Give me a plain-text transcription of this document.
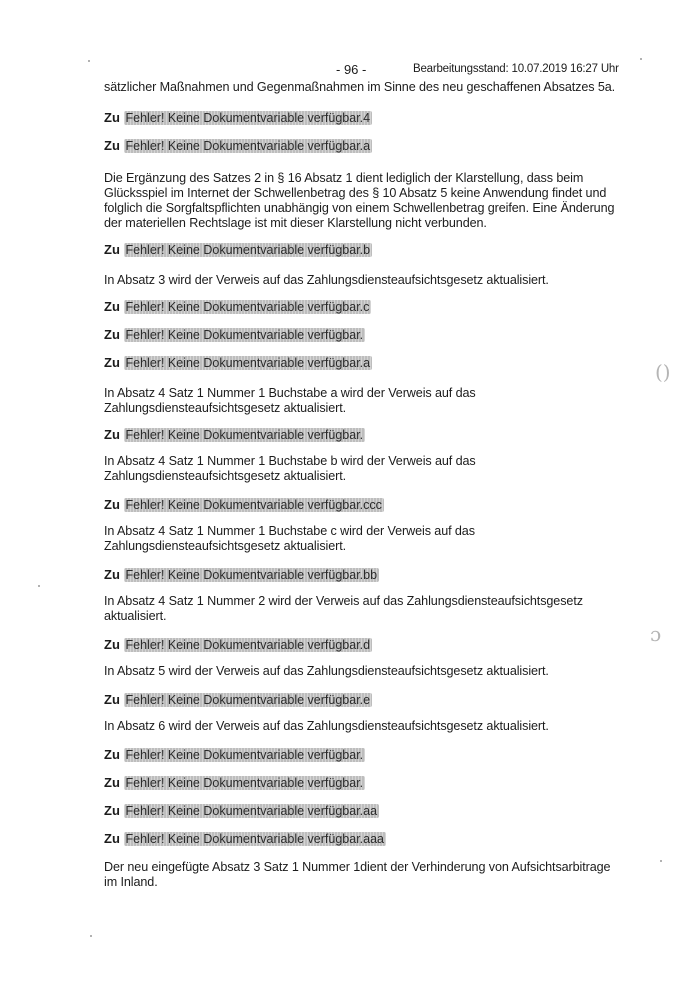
- 96 -	Bearbeitungsstand: 10.07.2019 16:27 Uhr

sätzlicher Maßnahmen und Gegenmaßnahmen im Sinne des neu geschaffenen Absatzes 5a.

Zu Fehler! Keine Dokumentvariable verfügbar.4

Zu Fehler! Keine Dokumentvariable verfügbar.a

Die Ergänzung des Satzes 2 in § 16 Absatz 1 dient lediglich der Klarstellung, dass beim Glücksspiel im Internet der Schwellenbetrag des § 10 Absatz 5 keine Anwendung findet und folglich die Sorgfaltspflichten unabhängig von einem Schwellenbetrag greifen. Eine Änderung der materiellen Rechtslage ist mit dieser Klarstellung nicht verbunden.

Zu Fehler! Keine Dokumentvariable verfügbar.b

In Absatz 3 wird der Verweis auf das Zahlungsdiensteaufsichtsgesetz aktualisiert.

Zu Fehler! Keine Dokumentvariable verfügbar.c

Zu Fehler! Keine Dokumentvariable verfügbar.

Zu Fehler! Keine Dokumentvariable verfügbar.a

In Absatz 4 Satz 1 Nummer 1 Buchstabe a wird der Verweis auf das Zahlungsdiensteaufsichtsgesetz aktualisiert.

Zu Fehler! Keine Dokumentvariable verfügbar.

In Absatz 4 Satz 1 Nummer 1 Buchstabe b wird der Verweis auf das Zahlungsdiensteaufsichtsgesetz aktualisiert.

Zu Fehler! Keine Dokumentvariable verfügbar.ccc

In Absatz 4 Satz 1 Nummer 1 Buchstabe c wird der Verweis auf das Zahlungsdiensteaufsichtsgesetz aktualisiert.

Zu Fehler! Keine Dokumentvariable verfügbar.bb

In Absatz 4 Satz 1 Nummer 2 wird der Verweis auf das Zahlungsdiensteaufsichtsgesetz aktualisiert.

Zu Fehler! Keine Dokumentvariable verfügbar.d

In Absatz 5 wird der Verweis auf das Zahlungsdiensteaufsichtsgesetz aktualisiert.

Zu Fehler! Keine Dokumentvariable verfügbar.e

In Absatz 6 wird der Verweis auf das Zahlungsdiensteaufsichtsgesetz aktualisiert.

Zu Fehler! Keine Dokumentvariable verfügbar.

Zu Fehler! Keine Dokumentvariable verfügbar.

Zu Fehler! Keine Dokumentvariable verfügbar.aa

Zu Fehler! Keine Dokumentvariable verfügbar.aaa

Der neu eingefügte Absatz 3 Satz 1 Nummer 1dient der Verhinderung von Aufsichtsarbitrage im Inland.

()
ɔ
